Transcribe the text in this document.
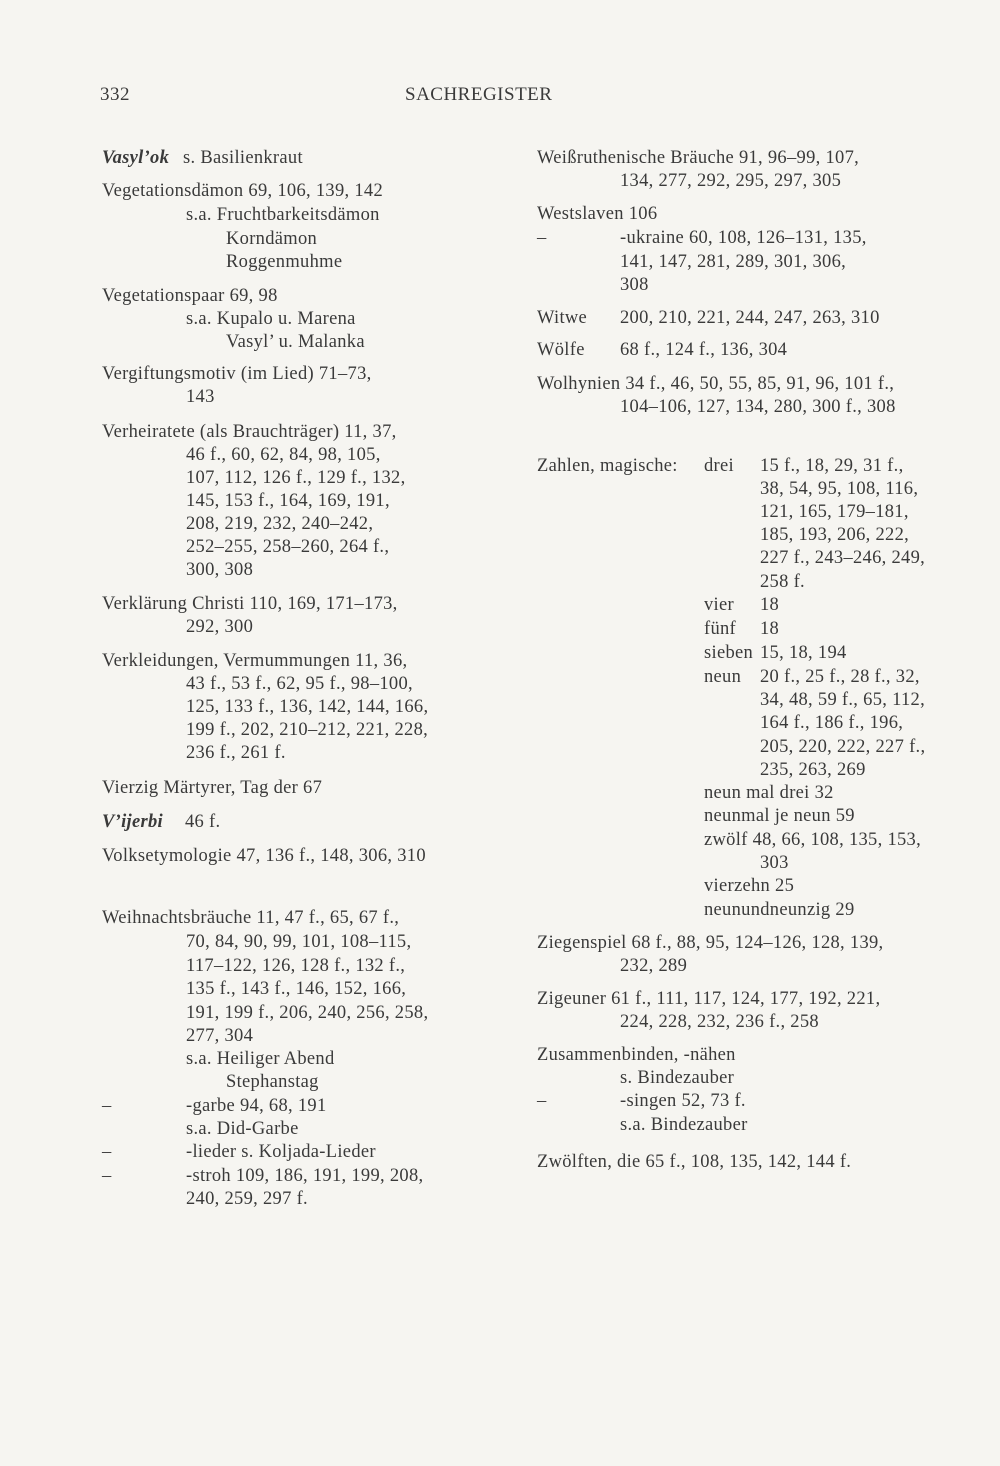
332	SACHREGISTER
Vasyl’ok s. Basilienkraut
Vegetationsdämon 69, 106, 139, 142
s.a. Fruchtbarkeitsdämon
Korndämon
Roggenmuhme
Vegetationspaar 69, 98
s.a. Kupalo u. Marena
Vasyl’ u. Malanka
Vergiftungsmotiv (im Lied) 71–73,
143
Verheiratete (als Brauchträger) 11, 37,
46 f., 60, 62, 84, 98, 105,
107, 112, 126 f., 129 f., 132,
145, 153 f., 164, 169, 191,
208, 219, 232, 240–242,
252–255, 258–260, 264 f.,
300, 308
Verklärung Christi 110, 169, 171–173,
292, 300
Verkleidungen, Vermummungen 11, 36,
43 f., 53 f., 62, 95 f., 98–100,
125, 133 f., 136, 142, 144, 166,
199 f., 202, 210–212, 221, 228,
236 f., 261 f.
Vierzig Märtyrer, Tag der 67
V’ijerbi 46 f.
Volksetymologie 47, 136 f., 148, 306, 310
Weihnachtsbräuche 11, 47 f., 65, 67 f.,
70, 84, 90, 99, 101, 108–115,
117–122, 126, 128 f., 132 f.,
135 f., 143 f., 146, 152, 166,
191, 199 f., 206, 240, 256, 258,
277, 304
s.a. Heiliger Abend
Stephanstag
–	-garbe 94, 68, 191
s.a. Did-Garbe
–	-lieder s. Koljada-Lieder
–	-stroh 109, 186, 191, 199, 208,
240, 259, 297 f.
Weißruthenische Bräuche 91, 96–99, 107,
134, 277, 292, 295, 297, 305
Westslaven 106
–	-ukraine 60, 108, 126–131, 135,
141, 147, 281, 289, 301, 306,
308
Witwe 200, 210, 221, 244, 247, 263, 310
Wölfe 68 f., 124 f., 136, 304
Wolhynien 34 f., 46, 50, 55, 85, 91, 96, 101 f.,
104–106, 127, 134, 280, 300 f., 308
Zahlen, magische: drei 15 f., 18, 29, 31 f.,
38, 54, 95, 108, 116,
121, 165, 179–181,
185, 193, 206, 222,
227 f., 243–246, 249,
258 f.
vier 18
fünf 18
sieben 15, 18, 194
neun 20 f., 25 f., 28 f., 32,
34, 48, 59 f., 65, 112,
164 f., 186 f., 196,
205, 220, 222, 227 f.,
235, 263, 269
neun mal drei 32
neunmal je neun 59
zwölf 48, 66, 108, 135, 153,
303
vierzehn 25
neunundneunzig 29
Ziegenspiel 68 f., 88, 95, 124–126, 128, 139,
232, 289
Zigeuner 61 f., 111, 117, 124, 177, 192, 221,
224, 228, 232, 236 f., 258
Zusammenbinden, -nähen
s. Bindezauber
–	-singen 52, 73 f.
s.a. Bindezauber
Zwölften, die 65 f., 108, 135, 142, 144 f.
